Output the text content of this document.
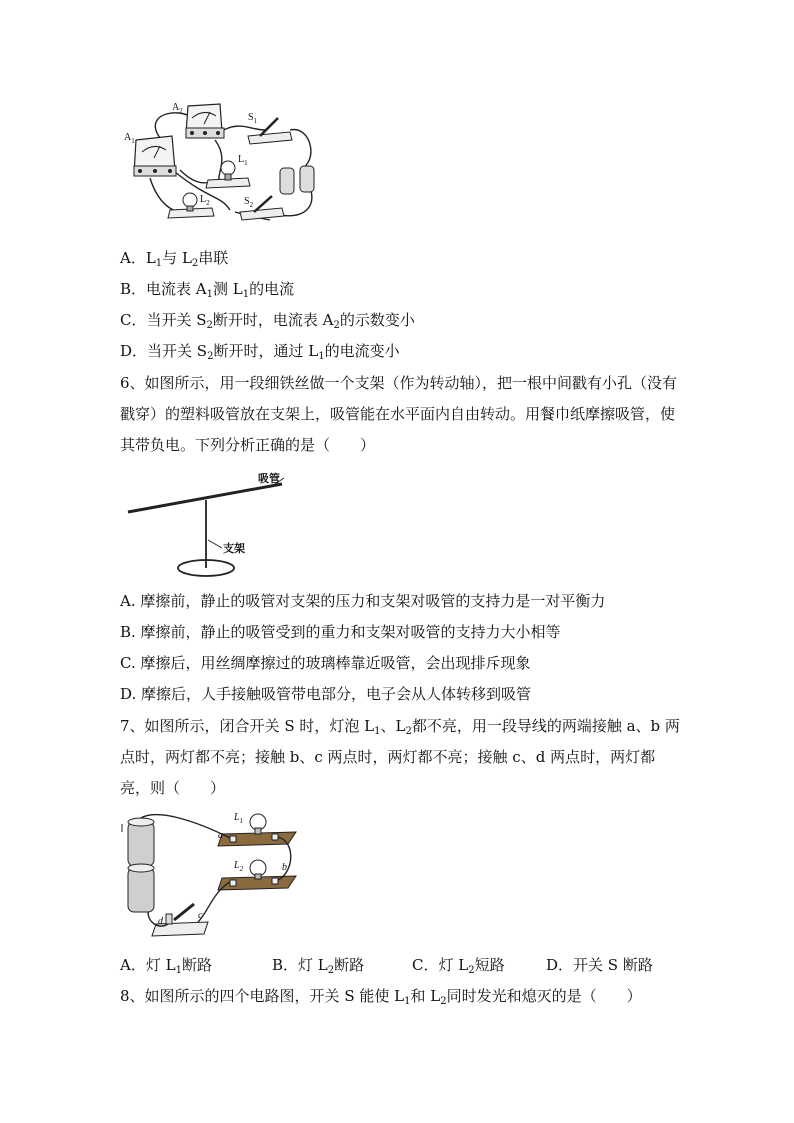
$A_1$
$A_2$
$S_1$
$L_1$
$L_2$	$S_2$
A．$L_1$与 $L_2$串联
B．电流表 $A_1$测 $L_1$的电流
C．当开关 $S_2$断开时，电流表 $A_2$的示数变小
D．当开关 $S_2$断开时，通过 $L_1$的电流变小
6、如图所示，用一段细铁丝做一个支架（作为转动轴），把一根中间戳有小孔（没有戳穿）的塑料吸管放在支架上，吸管能在水平面内自由转动。用餐巾纸摩擦吸管，使其带负电。下列分析正确的是（　　）
吸管
支架
A. 摩擦前，静止的吸管对支架的压力和支架对吸管的支持力是一对平衡力
B. 摩擦前，静止的吸管受到的重力和支架对吸管的支持力大小相等
C. 摩擦后，用丝绸摩擦过的玻璃棒靠近吸管，会出现排斥现象
D. 摩擦后，人手接触吸管带电部分，电子会从人体转移到吸管
7、如图所示，闭合开关 S 时，灯泡 $L_1$、$L_2$都不亮，用一段导线的两端接触 a、b 两点时，两灯都不亮；接触 b、c 两点时，两灯都不亮；接触 c、d 两点时，两灯都亮，则（　　）
$L_1$
$L_2$
a
b
c
d
A．灯 $L_1$断路	B．灯 $L_2$断路	C．灯 $L_2$短路	D．开关 S 断路
8、如图所示的四个电路图，开关 S 能使 $L_1$和 $L_2$同时发光和熄灭的是（　　）
